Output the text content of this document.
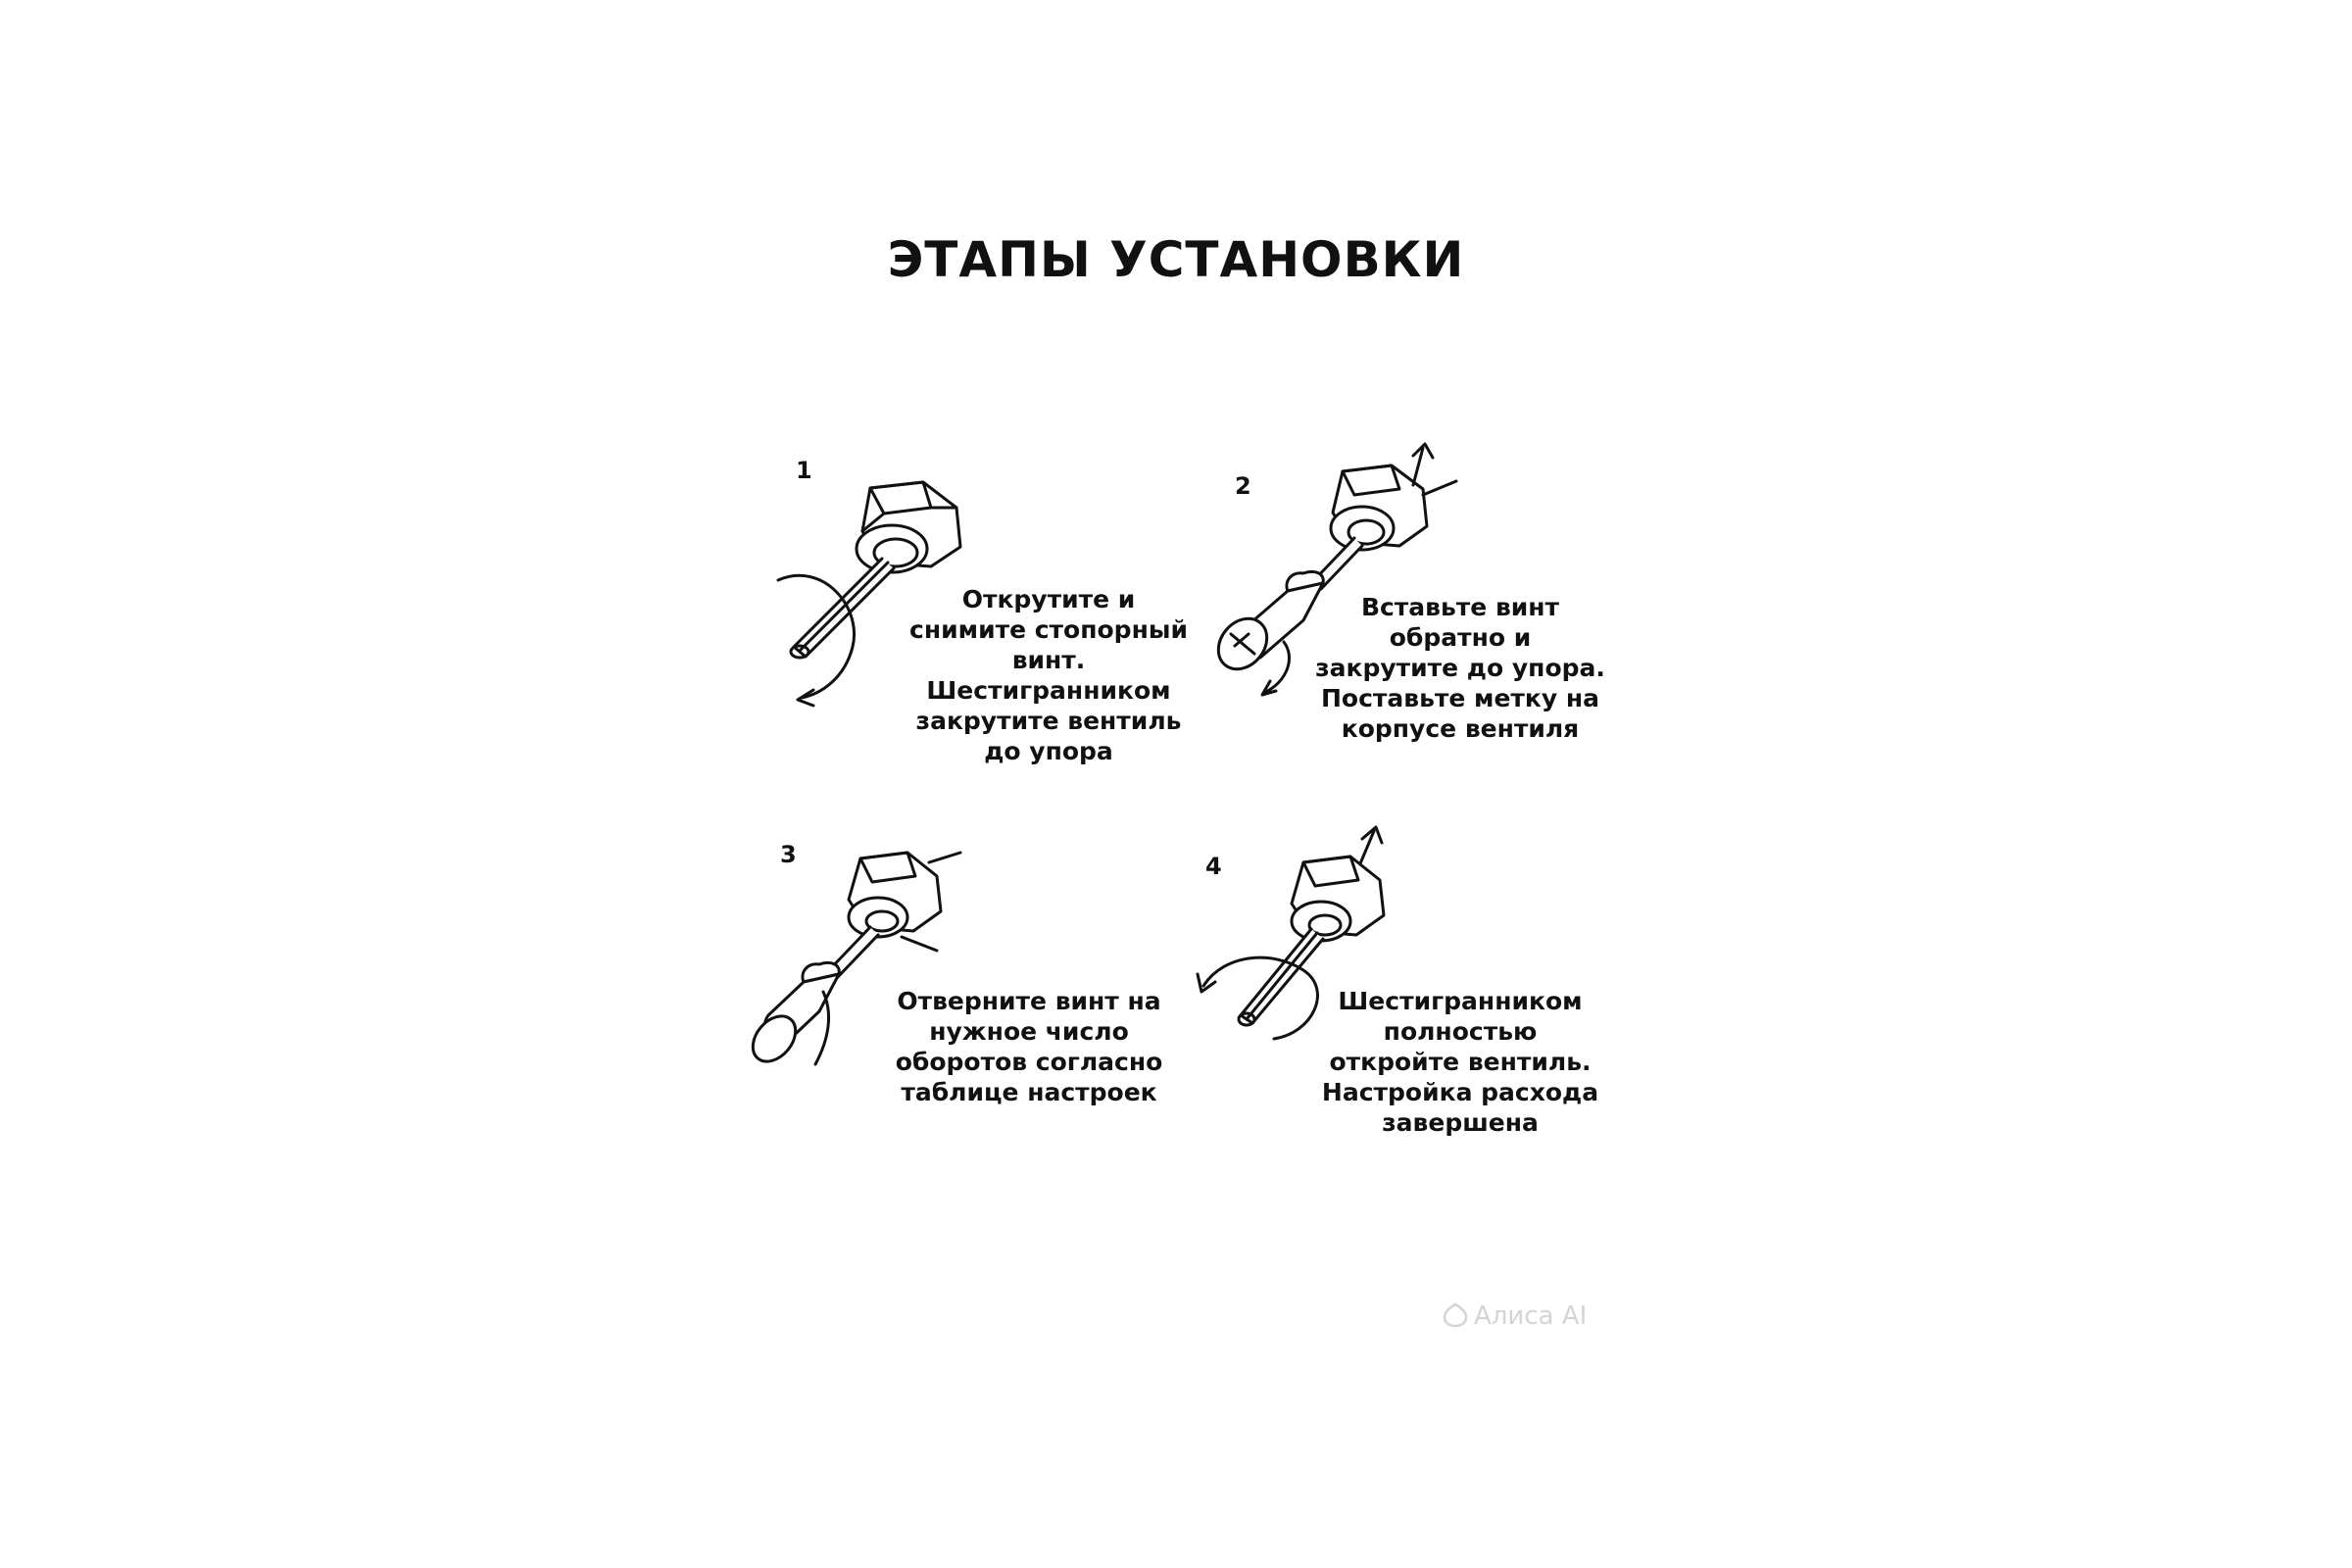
ЭТАПЫ УСТАНОВКИ
1
Открутите и
снимите стопорный
винт.
Шестигранником
закрутите вентиль
до упора
2
Вставьте винт
обратно и
закрутите до упора.
Поставьте метку на
корпусе вентиля
3
Отверните винт на
нужное число
оборотов согласно
таблице настроек
4
Шестигранником
полностью
откройте вентиль.
Настройка расхода
завершена
Алиса AI
